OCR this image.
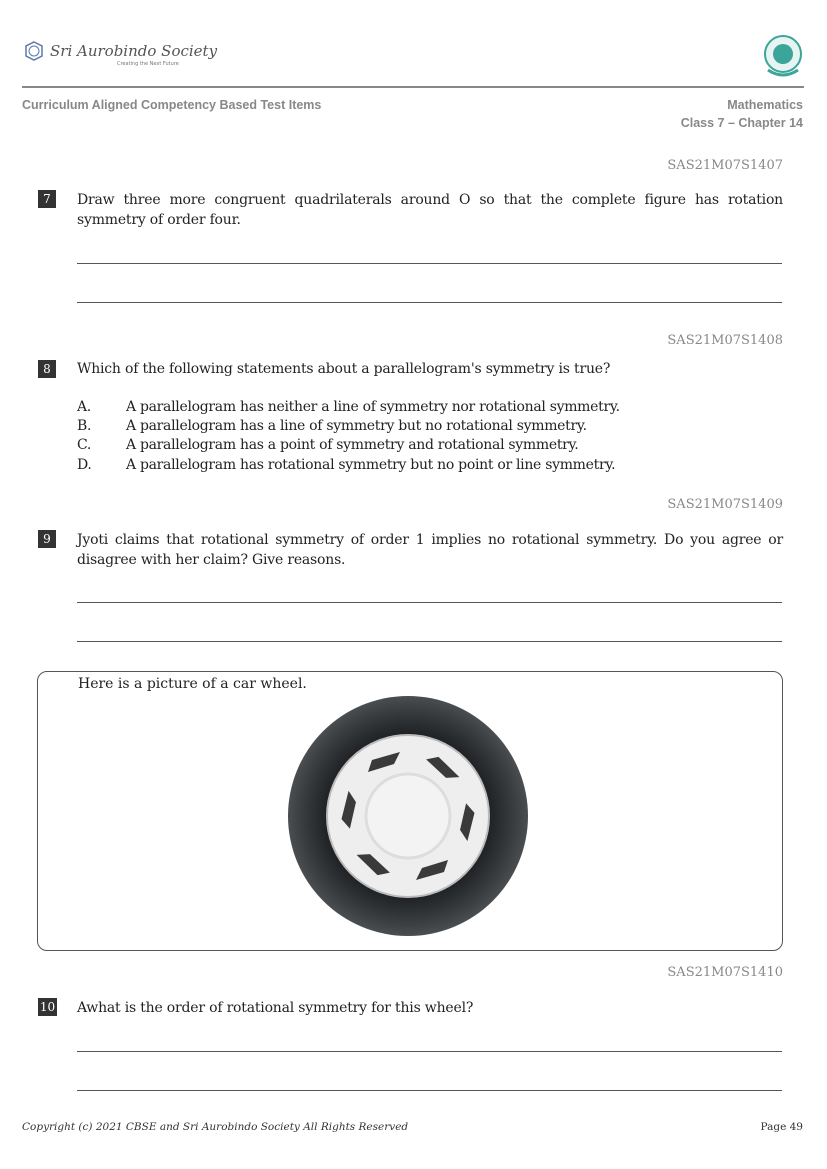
Sri Aurobindo Society
Creating the Next Future
Curriculum Aligned Competency Based Test Items	Mathematics
Class 7 – Chapter 14
SAS21M07S1407
7	Draw three more congruent quadrilaterals around O so that the complete figure has rotation symmetry of order four.
SAS21M07S1408
8	Which of the following statements about a parallelogram's symmetry is true?
A.	A parallelogram has neither a line of symmetry nor rotational symmetry.
B. A parallelogram has a line of symmetry but no rotational symmetry.
C. A parallelogram has a point of symmetry and rotational symmetry.
D. A parallelogram has rotational symmetry but no point or line symmetry.
SAS21M07S1409
9	Jyoti claims that rotational symmetry of order 1 implies no rotational symmetry. Do you agree or disagree with her claim? Give reasons.
Here is a picture of a car wheel.
SAS21M07S1410
10 Awhat is the order of rotational symmetry for this wheel?
Copyright (c) 2021 CBSE and Sri Aurobindo Society All Rights Reserved	Page 49
